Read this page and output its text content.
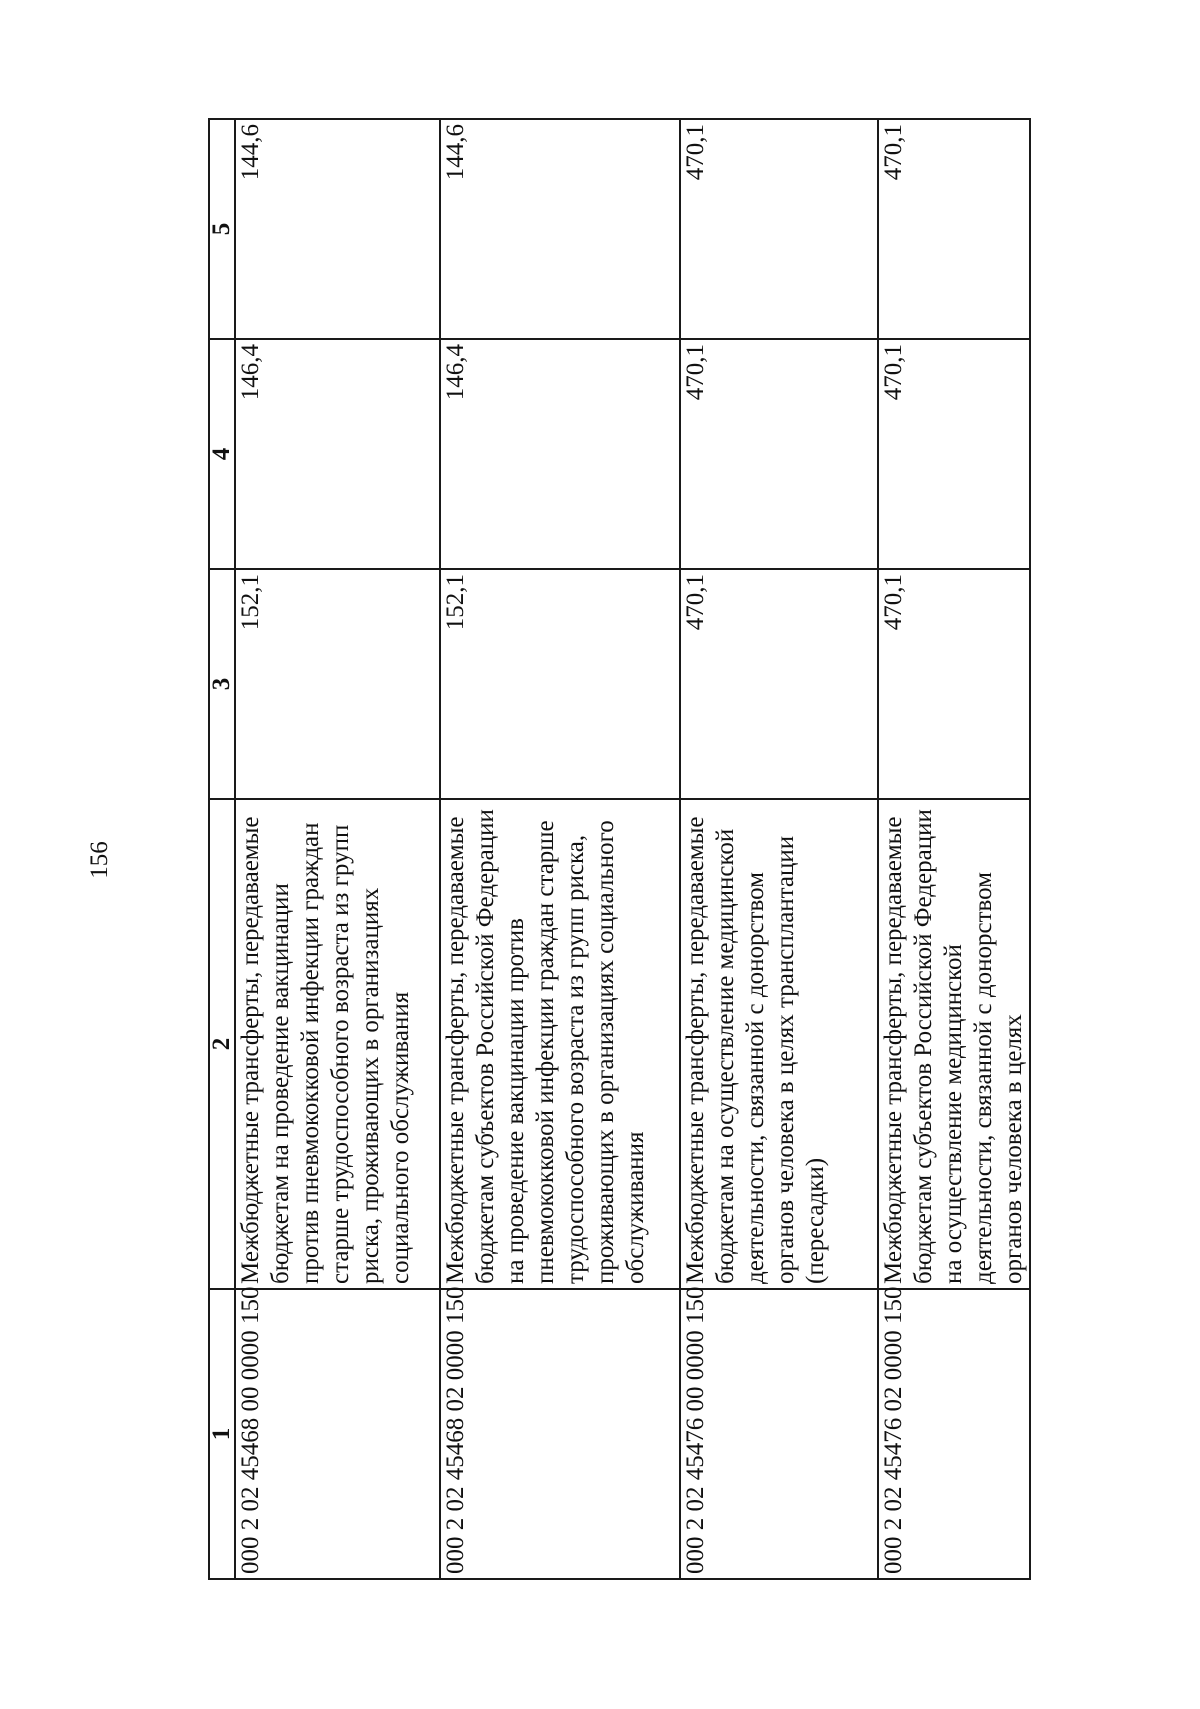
156
1	2	3	4	5
000 2 02 45468 00 0000 150	Межбюджетные трансферты, передаваемые бюджетам на проведение вакцинации против пневмококковой инфекции граждан старше трудоспособного возраста из групп риска, проживающих в организациях социального обслуживания	152,1	146,4	144,6
000 2 02 45468 02 0000 150	Межбюджетные трансферты, передаваемые бюджетам субъектов Российской Федерации на проведение вакцинации против пневмококковой инфекции граждан старше трудоспособного возраста из групп риска, проживающих в организациях социального обслуживания	152,1	146,4	144,6
000 2 02 45476 00 0000 150	Межбюджетные трансферты, передаваемые бюджетам на осуществление медицинской деятельности, связанной с донорством органов человека в целях трансплантации (пересадки)	470,1	470,1	470,1
000 2 02 45476 02 0000 150	Межбюджетные трансферты, передаваемые бюджетам субъектов Российской Федерации на осуществление медицинской деятельности, связанной с донорством органов человека в целях	470,1	470,1	470,1
